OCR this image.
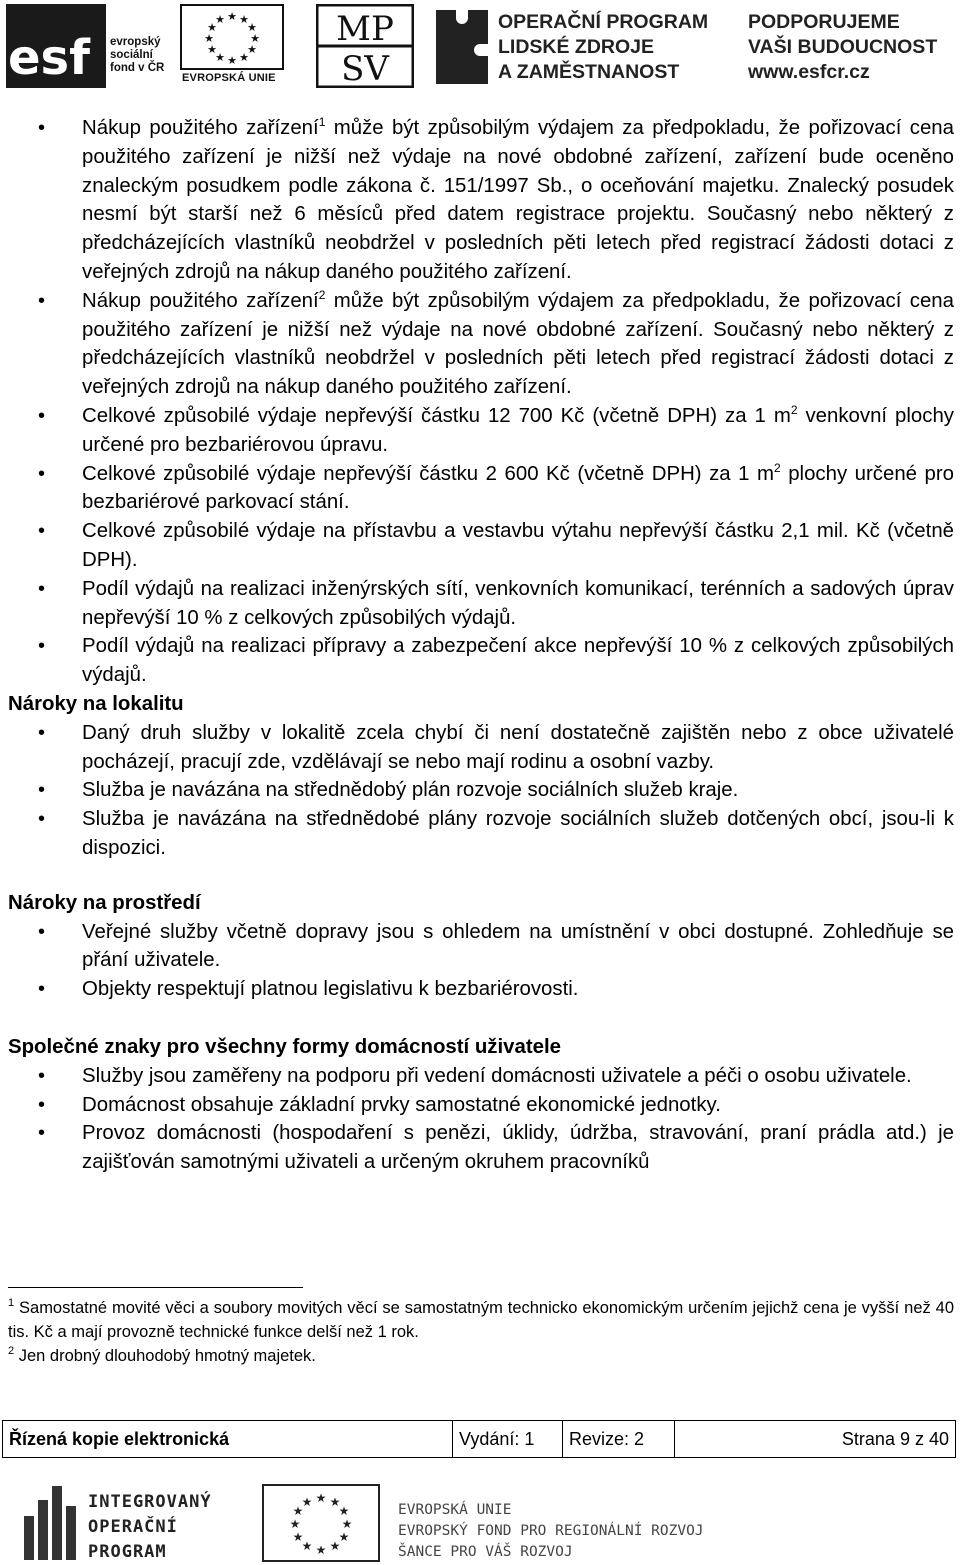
esf evropský
sociální
fond v ČR
★ ★
★
★
★
★
★
★
★
★
★
★
EVROPSKÁ UNIE
MP
SV
OPERAČNÍ PROGRAM
LIDSKÉ ZDROJE
A ZAMĚSTNANOST
PODPORUJEME
VAŠI BUDOUCNOST
www.esfcr.cz
• Nákup použitého zařízení$^1$ může být způsobilým výdajem za předpokladu, že pořizovací cena použitého zařízení je nižší než výdaje na nové obdobné zařízení, zařízení bude oceněno znaleckým posudkem podle zákona č. 151/1997 Sb., o oceňování majetku. Znalecký posudek nesmí být starší než 6 měsíců před datem registrace projektu. Současný nebo některý z předcházejících vlastníků neobdržel v posledních pěti letech před registrací žádosti dotaci z veřejných zdrojů na nákup daného použitého zařízení.
• Nákup použitého zařízení$^2$ může být způsobilým výdajem za předpokladu, že pořizovací cena použitého zařízení je nižší než výdaje na nové obdobné zařízení. Současný nebo některý z předcházejících vlastníků neobdržel v posledních pěti letech před registrací žádosti dotaci z veřejných zdrojů na nákup daného použitého zařízení.
• Celkové způsobilé výdaje nepřevýší částku 12 700 Kč (včetně DPH) za 1 $m^2$ venkovní plochy určené pro bezbariérovou úpravu.
• Celkové způsobilé výdaje nepřevýší částku 2 600 Kč (včetně DPH) za 1 $m^2$ plochy určené pro bezbariérové parkovací stání.
• Celkové způsobilé výdaje na přístavbu a vestavbu výtahu nepřevýší částku 2,1 mil. Kč (včetně DPH).
• Podíl výdajů na realizaci inženýrských sítí, venkovních komunikací, terénních a sadových úprav nepřevýší 10 % z celkových způsobilých výdajů.
• Podíl výdajů na realizaci přípravy a zabezpečení akce nepřevýší 10 % z celkových způsobilých výdajů.
Nároky na lokalitu
• Daný druh služby v lokalitě zcela chybí či není dostatečně zajištěn nebo z obce uživatelé pocházejí, pracují zde, vzdělávají se nebo mají rodinu a osobní vazby.
• Služba je navázána na střednědobý plán rozvoje sociálních služeb kraje.
• Služba je navázána na střednědobé plány rozvoje sociálních služeb dotčených obcí, jsou-li k dispozici.
Nároky na prostředí
• Veřejné služby včetně dopravy jsou s ohledem na umístnění v obci dostupné. Zohledňuje se přání uživatele.
• Objekty respektují platnou legislativu k bezbariérovosti.
Společné znaky pro všechny formy domácností uživatele
• Služby jsou zaměřeny na podporu při vedení domácnosti uživatele a péči o osobu uživatele.
• Domácnost obsahuje základní prvky samostatné ekonomické jednotky.
• Provoz domácnosti (hospodaření s penězi, úklidy, údržba, stravování, praní prádla atd.) je zajišťován samotnými uživateli a určeným okruhem pracovníků

$^1$ Samostatné movité věci a soubory movitých věcí se samostatným technicko ekonomickým určením jejichž cena je vyšší než 40 tis. Kč a mají provozně technické funkce delší než 1 rok.

$^2$ Jen drobný dlouhodobý hmotný majetek.

Řízená kopie elektronická	Vydání: 1	Revize: 2	Strana 9 z 40
INTEGROVANÝ
OPERAČNÍ
PROGRAM
★ ★
★
★
★
★
★
★
★
★
★
★	EVROPSKÁ UNIE
EVROPSKÝ FOND PRO REGIONÁLNÍ ROZVOJ
ŠANCE PRO VÁŠ ROZVOJ
